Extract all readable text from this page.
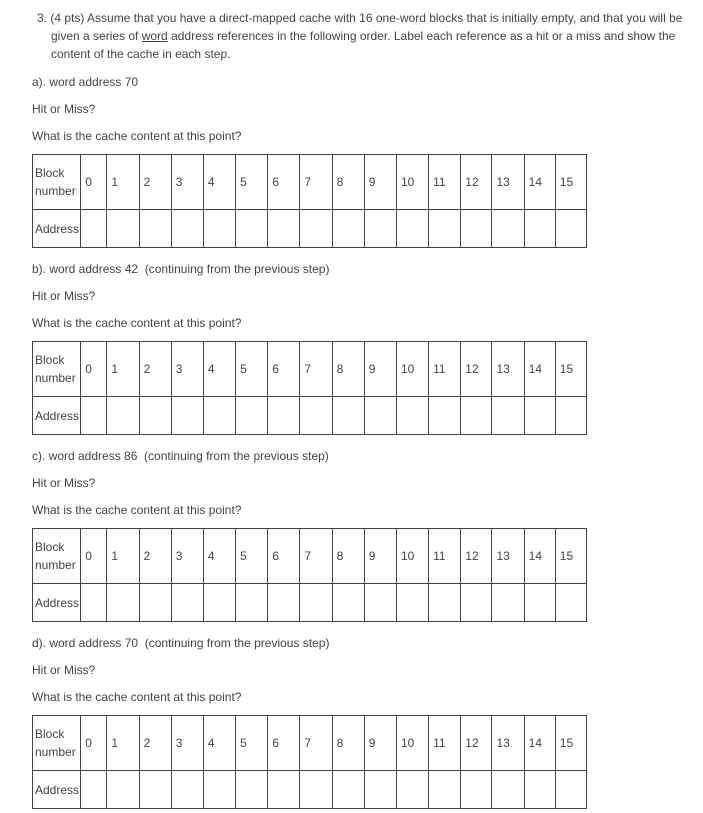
3. (4 pts) Assume that you have a direct-mapped cache with 16 one-word blocks that is initially empty, and that you will be given a series of word address references in the following order. Label each reference as a hit or a miss and show the content of the cache in each step.
a). word address 70
Hit or Miss?
What is the cache content at this point?
Block number	0	1	2	3	4	5	6	7	8	9	10	11	12	13	14	15
Address																
b). word address 42  (continuing from the previous step)
Hit or Miss?
What is the cache content at this point?
Block number	0	1	2	3	4	5	6	7	8	9	10	11	12	13	14	15
Address																
c). word address 86  (continuing from the previous step)
Hit or Miss?
What is the cache content at this point?
Block number	0	1	2	3	4	5	6	7	8	9	10	11	12	13	14	15
Address																
d). word address 70  (continuing from the previous step)
Hit or Miss?
What is the cache content at this point?
Block number	0	1	2	3	4	5	6	7	8	9	10	11	12	13	14	15
Address																
